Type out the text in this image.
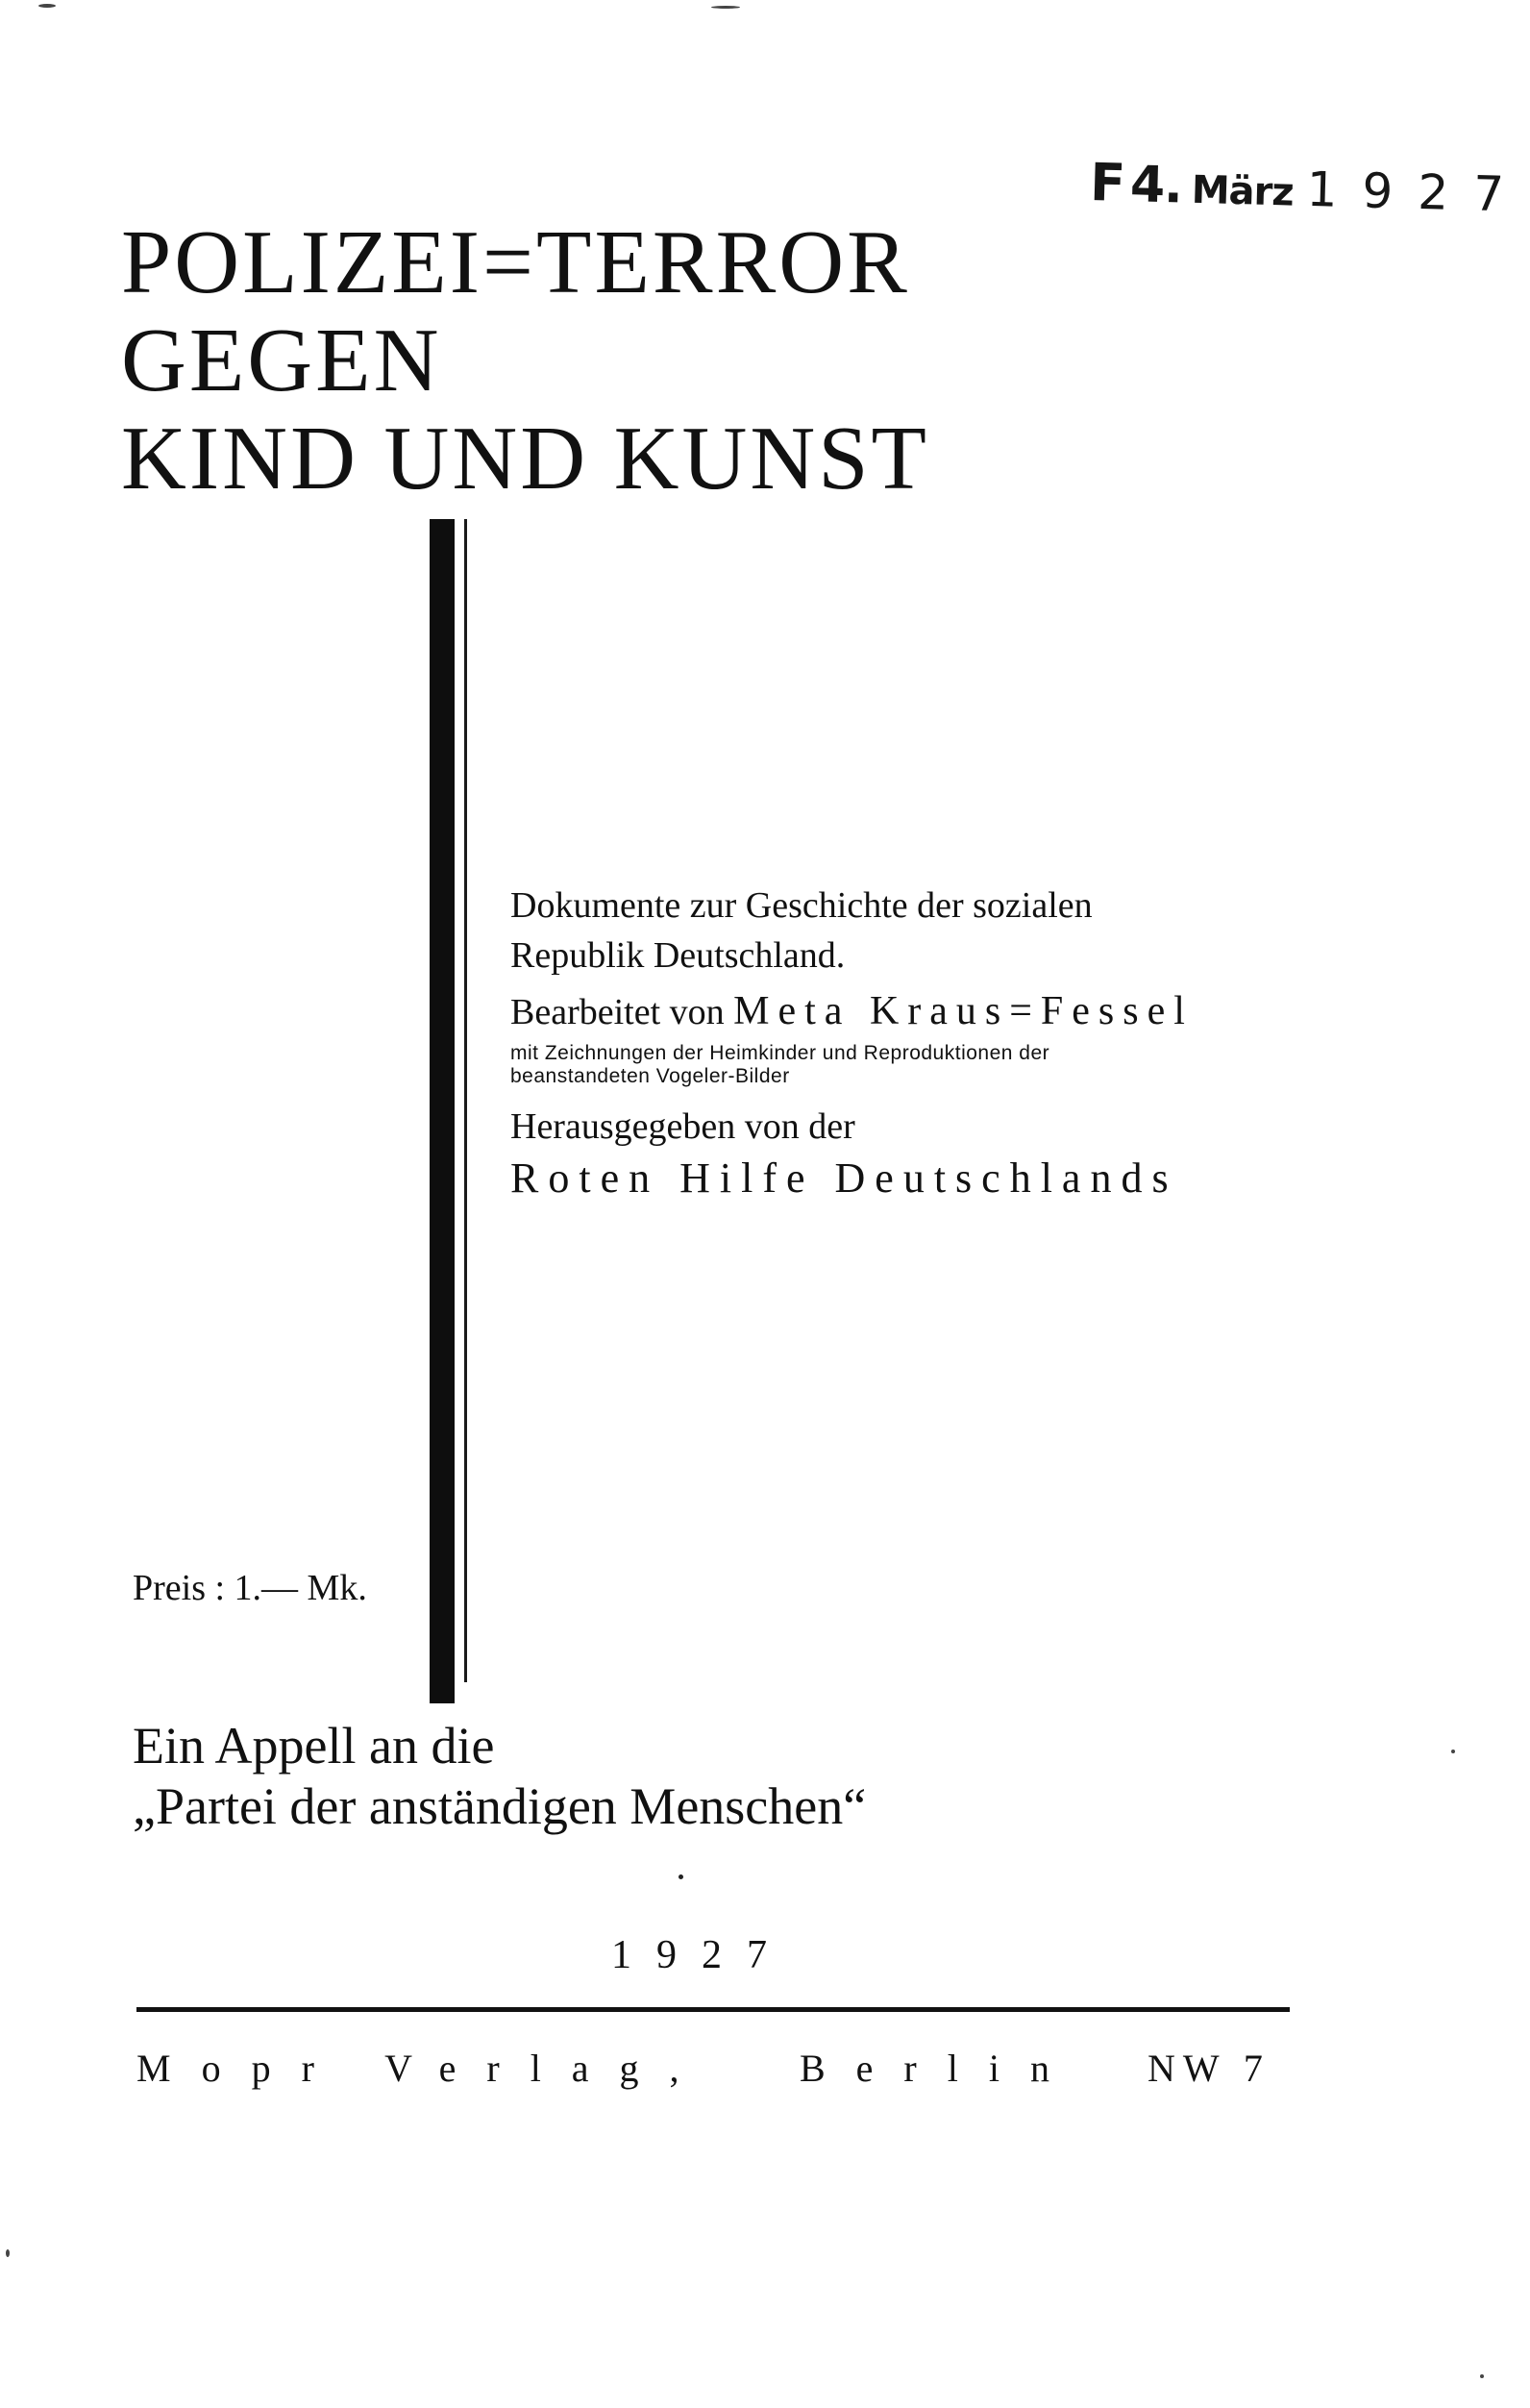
F4. März 1927
POLIZEI=TERROR
GEGEN
KIND UND KUNST
Dokumente zur Geschichte der sozialen
Republik Deutschland.
Bearbeitet von Meta Kraus=Fessel
mit Zeichnungen der Heimkinder und Reproduktionen der
beanstandeten Vogeler-Bilder
Herausgegeben von der
Roten Hilfe Deutschlands
Preis : 1.— Mk.
Ein Appell an die
„Partei der anständigen Menschen“
1927
Mopr Verlag, Berlin NW 7
